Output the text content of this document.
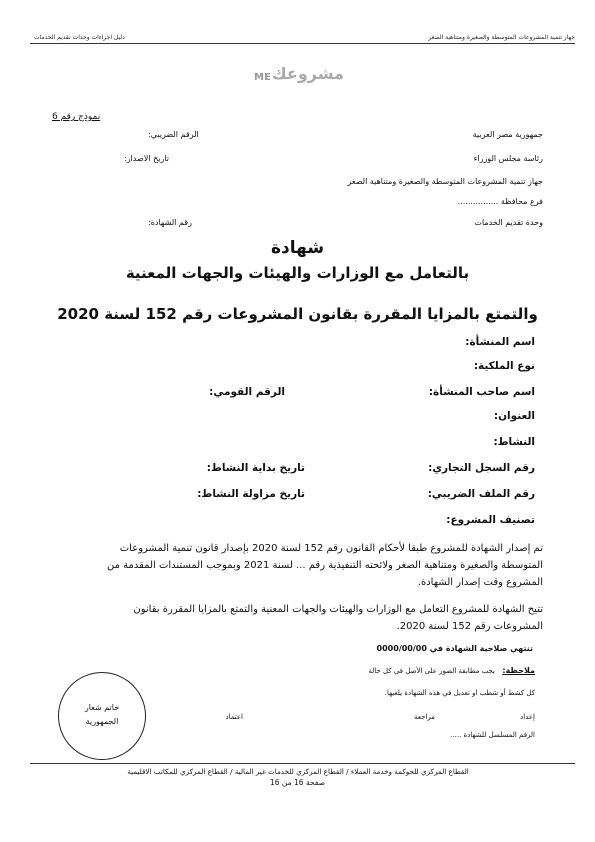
جهاز تنمية المشروعات المتوسطة والصغيرة ومتناهية الصغر
دليل اجراءات وحدات تقديم الخدمات
ME مشروعك
نموذج رقم 6
جمهورية مصر العربية
رئاسة مجلس الوزراء
جهاز تنمية المشروعات المتوسطة والصغيرة ومتناهية الصغر
فرع محافظة ................
وحدة تقديم الخدمات
الرقم الضريبي:
تاريخ الاصدار:
رقم الشهادة:
شهادة
بالتعامل مع الوزارات والهيئات والجهات المعنية
والتمتع بالمزايا المقررة بقانون المشروعات رقم 152 لسنة 2020
اسم المنشأة:
نوع الملكية:
اسم صاحب المنشأة:
الرقم القومي:
العنوان:
النشاط:
رقم السجل التجاري:
تاريخ بداية النشاط:
رقم الملف الضريبي:
تاريخ مزاولة النشاط:
تصنيف المشروع:
تم إصدار الشهادة للمشروع طبقا لأحكام القانون رقم 152 لسنة 2020 بإصدار قانون تنمية المشروعات
المتوسطة والصغيرة ومتناهية الصغر ولائحته التنفيذية رقم ... لسنة 2021 وبموجب المستندات المقدمة من
المشروع وقت إصدار الشهادة.
تتيح الشهادة للمشروع التعامل مع الوزارات والهيئات والجهات المعنية والتمتع بالمزايا المقررة بقانون
المشروعات رقم 152 لسنة 2020.
تنتهي صلاحية الشهادة في 0000/00/00
ملاحظة:
يجب مطابقة الصور على الأصل في كل حالة
كل كشط أو شطب او تعديل في هذه الشهادة يلغيها.
إعداد
مراجعة
اعتماد
الرقم المسلسل للشهادة .....
خاتم شعار
الجمهورية
القطاع المركزي للحوكمة وخدمة العملاء / القطاع المركزي للخدمات غير المالية / القطاع المركزي للمكاتب الاقليمية
صفحة 16 من 16
